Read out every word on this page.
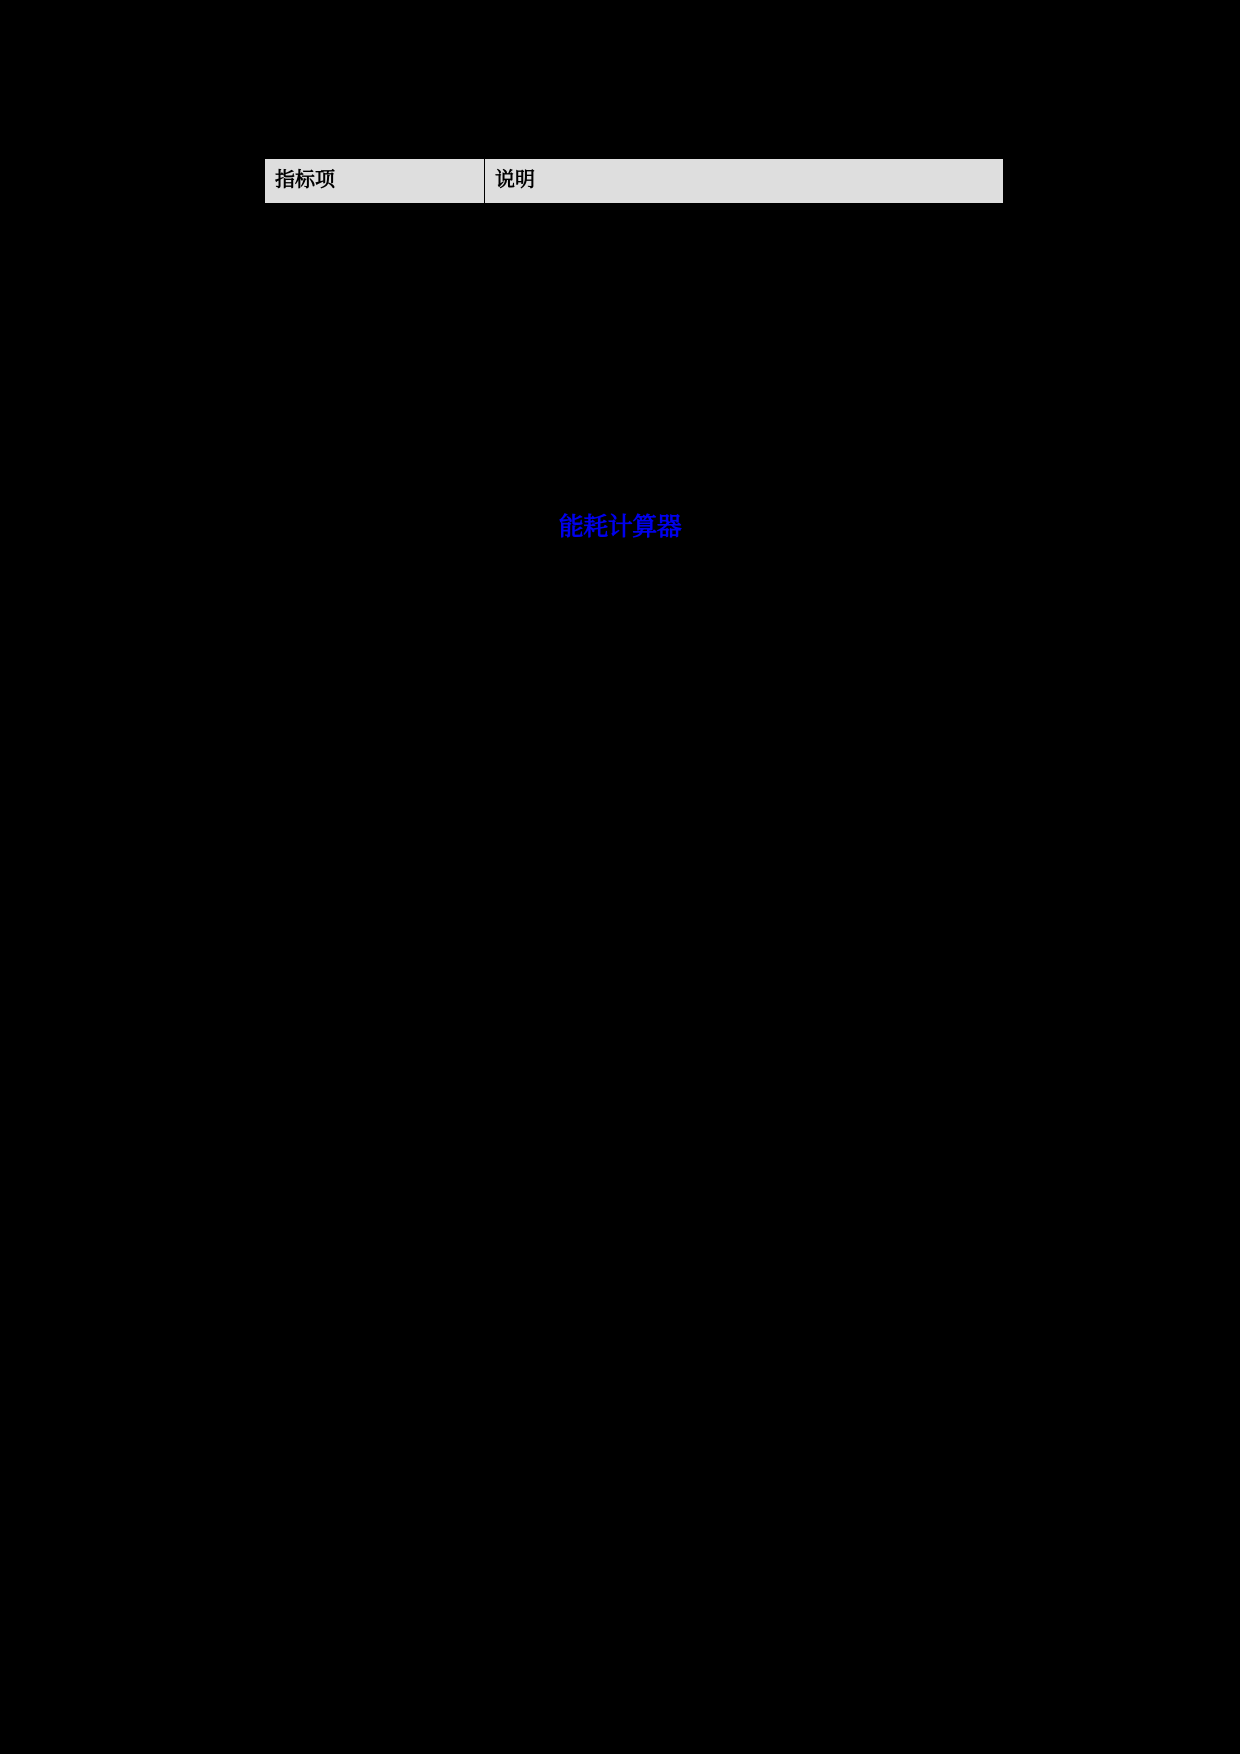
指标项	说明
能耗计算器
